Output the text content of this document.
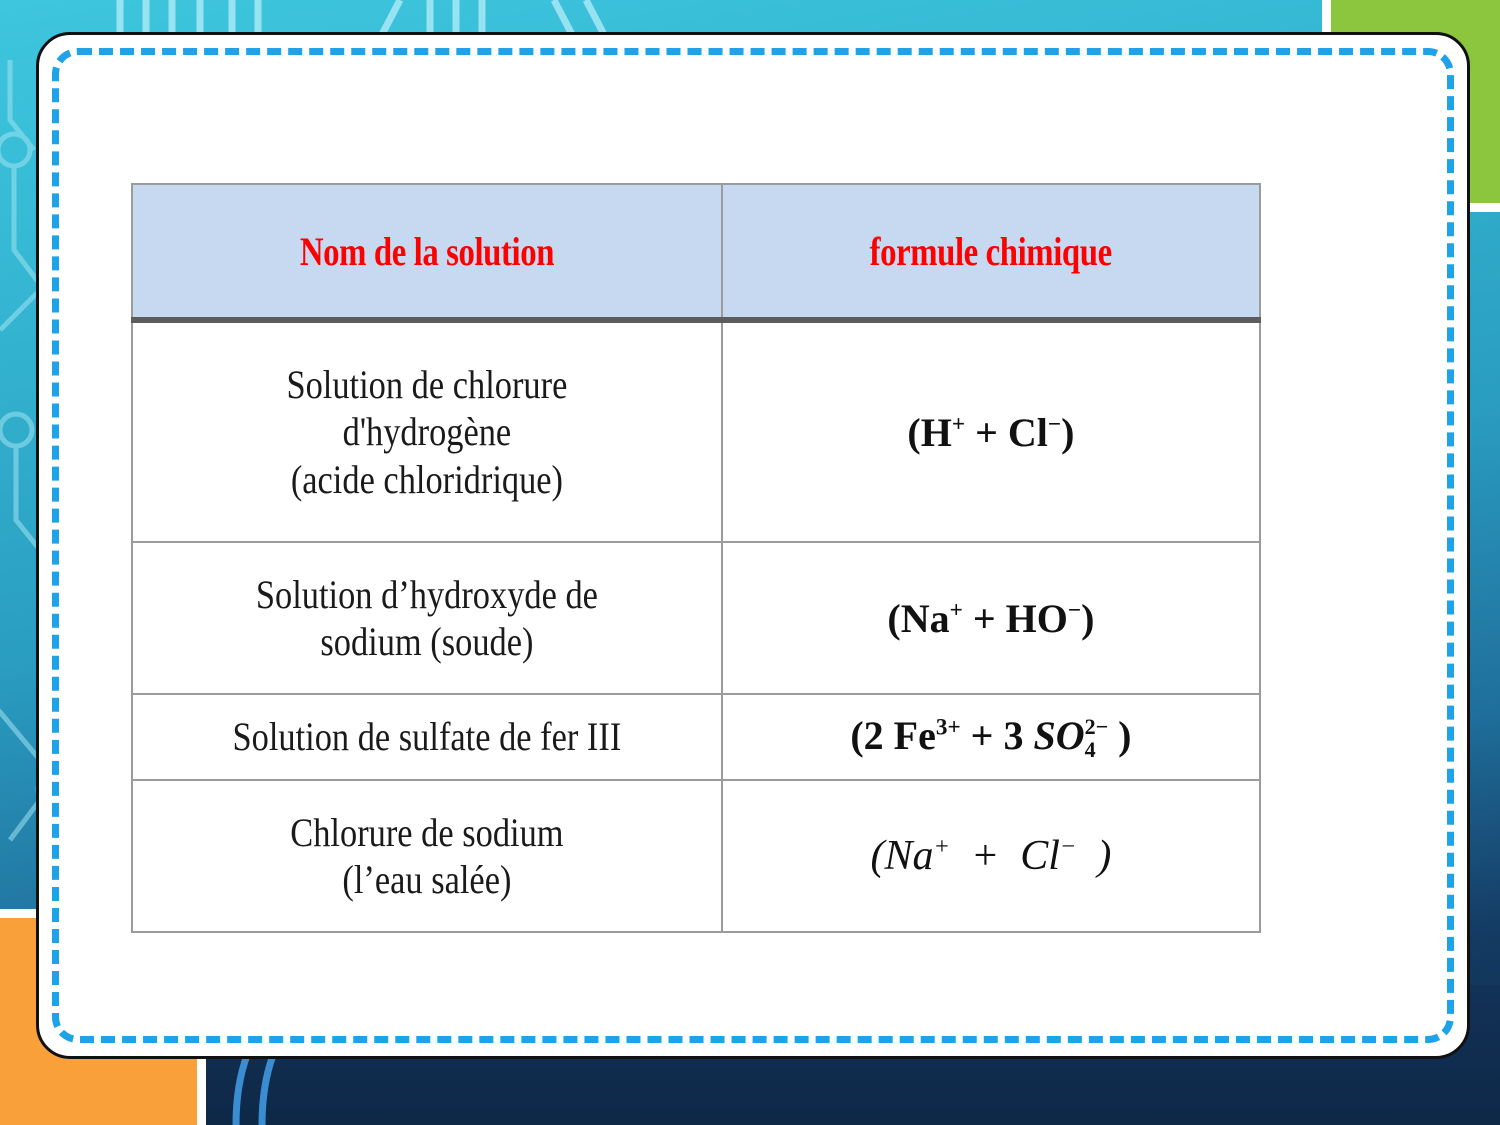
Nom de la solution	formule chimique

Solution de chlorure
d'hydrogène
(acide chloridrique)	(H+ + Cl−)

Solution d’hydroxyde de
sodium (soude)	(Na+ + HO−)

Solution de sulfate de fer III	(2 $Fe^{3+} + 3$ SO 2−
4 )

Chlorure de sodium
(l’eau salée)	(Na+ + Cl− )
